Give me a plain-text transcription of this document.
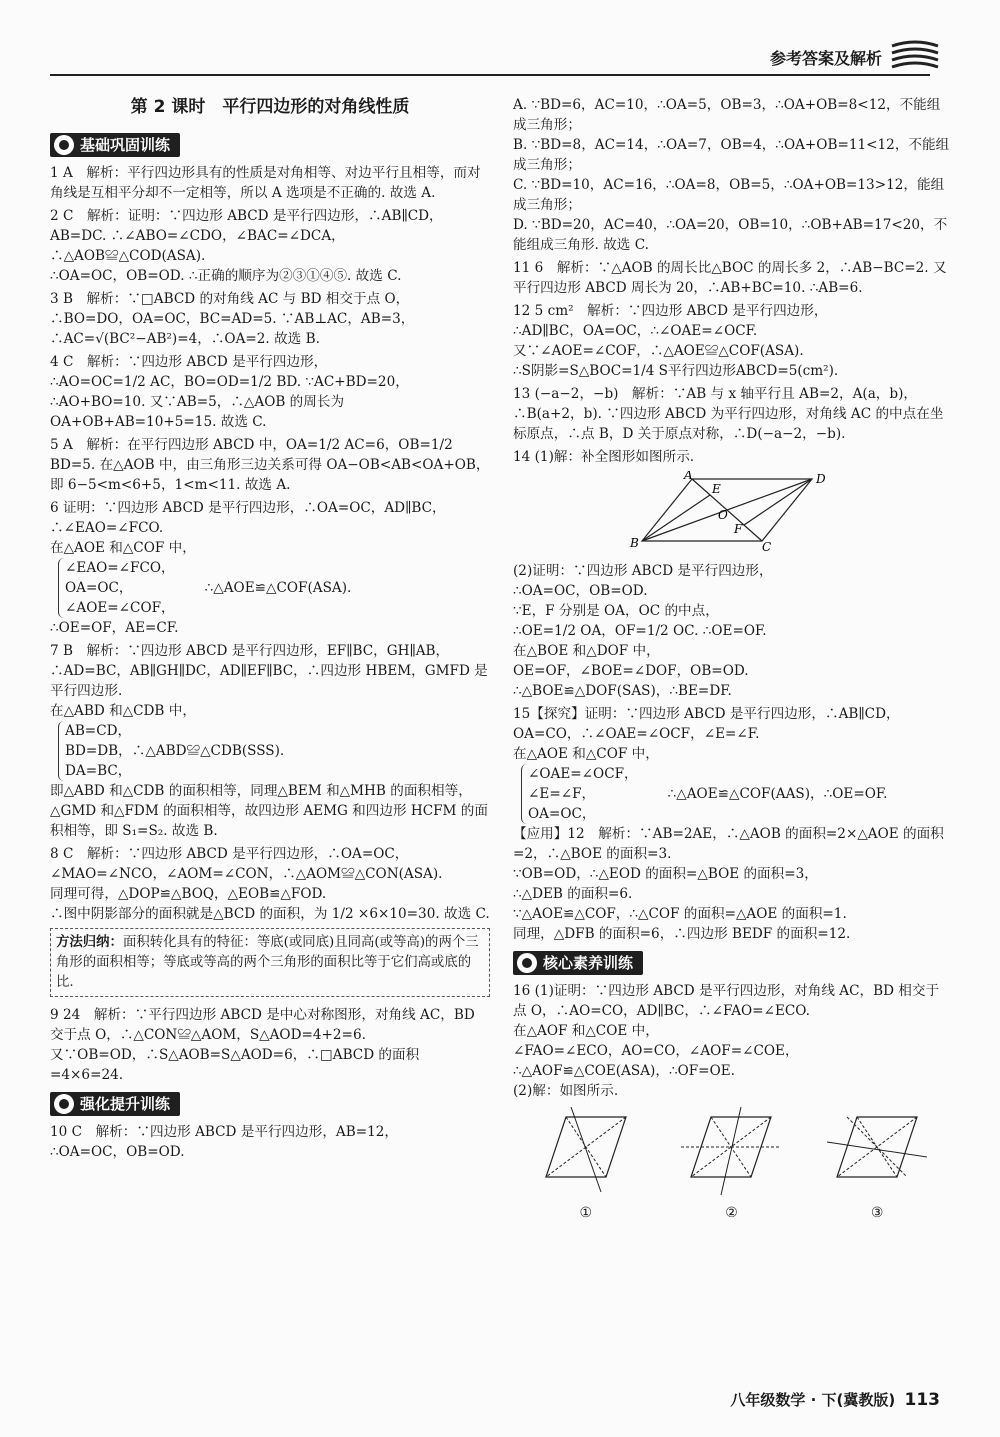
参考答案及解析
第 2 课时　平行四边形的对角线性质
基础巩固训练

1 A　解析：平行四边形具有的性质是对角相等、对边平行且相等，而对角线是互相平分却不一定相等，所以 A 选项是不正确的. 故选 A.

2 C　解析：证明：∵四边形 ABCD 是平行四边形，∴AB∥CD，AB=DC. ∴∠ABO=∠CDO，∠BAC=∠DCA，∴△AOB≌△COD(ASA).

∴OA=OC，OB=OD. ∴正确的顺序为②③①④⑤. 故选 C.

3 B　解析：∵□ABCD 的对角线 AC 与 BD 相交于点 O，∴BO=DO，OA=OC，BC=AD=5. ∵AB⊥AC，AB=3，∴AC=√(BC²−AB²)=4，∴OA=2. 故选 B.

4 C　解析：∵四边形 ABCD 是平行四边形，

∴AO=OC=1/2 AC，BO=OD=1/2 BD. ∵AC+BD=20，∴AO+BO=10. 又∵AB=5，∴△AOB 的周长为 OA+OB+AB=10+5=15. 故选 C.

5 A　解析：在平行四边形 ABCD 中，OA=1/2 AC=6，OB=1/2 BD=5. 在△AOB 中，由三角形三边关系可得 OA−OB<AB<OA+OB，即 6−5<m<6+5，1<m<11. 故选 A.

6 证明：∵四边形 ABCD 是平行四边形，∴OA=OC，AD∥BC，∴∠EAO=∠FCO.

在△AOE 和△COF 中，

∠EAO=∠FCO，

OA=OC，

∠AOE=∠COF，

∴△AOE≌△COF(ASA).

∴OE=OF，AE=CF.

7 B　解析：∵四边形 ABCD 是平行四边形，EF∥BC，GH∥AB，∴AD=BC，AB∥GH∥DC，AD∥EF∥BC，∴四边形 HBEM，GMFD 是平行四边形.

在△ABD 和△CDB 中，

AB=CD，

BD=DB，∴△ABD≌△CDB(SSS).

DA=BC，

即△ABD 和△CDB 的面积相等，同理△BEM 和△MHB 的面积相等，△GMD 和△FDM 的面积相等，故四边形 AEMG 和四边形 HCFM 的面积相等，即 S₁=S₂. 故选 B.

8 C　解析：∵四边形 ABCD 是平行四边形，∴OA=OC，∠MAO=∠NCO，∠AOM=∠CON，∴△AOM≌△CON(ASA).

同理可得，△DOP≌△BOQ，△EOB≌△FOD.

∴图中阴影部分的面积就是△BCD 的面积，为 1/2 ×6×10=30. 故选 C.

方法归纳：面积转化具有的特征：等底(或同底)且同高(或等高)的两个三角形的面积相等；等底或等高的两个三角形的面积比等于它们高或底的比.

9 24　解析：∵平行四边形 ABCD 是中心对称图形，对角线 AC，BD 交于点 O，∴△CON≌△AOM，S△AOD=4+2=6.

又∵OB=OD，∴S△AOB=S△AOD=6，∴□ABCD 的面积=4×6=24.

强化提升训练

10 C　解析：∵四边形 ABCD 是平行四边形，AB=12，

∴OA=OC，OB=OD.

A. ∵BD=6，AC=10，∴OA=5，OB=3，∴OA+OB=8<12，不能组成三角形；

B. ∵BD=8，AC=14，∴OA=7，OB=4，∴OA+OB=11<12，不能组成三角形；

C. ∵BD=10，AC=16，∴OA=8，OB=5，∴OA+OB=13>12，能组成三角形；

D. ∵BD=20，AC=40，∴OA=20，OB=10，∴OB+AB=17<20，不能组成三角形. 故选 C.

11 6　解析：∵△AOB 的周长比△BOC 的周长多 2，∴AB−BC=2. 又平行四边形 ABCD 周长为 20，∴AB+BC=10. ∴AB=6.

12 5 cm²　解析：∵四边形 ABCD 是平行四边形，

∴AD∥BC，OA=OC，∴∠OAE=∠OCF.

又∵∠AOE=∠COF，∴△AOE≌△COF(ASA).

∴S阴影=S△BOC=1/4 S平行四边形ABCD=5(cm²).

13 (−a−2，−b)　解析：∵AB 与 x 轴平行且 AB=2，A(a，b)，∴B(a+2，b). ∵四边形 ABCD 为平行四边形，对角线 AC 的中点在坐标原点，∴点 B，D 关于原点对称，∴D(−a−2，−b).

14 (1)解：补全图形如图所示.

A
E
D
O
B
F
C

(2)证明：∵四边形 ABCD 是平行四边形，

∴OA=OC，OB=OD.

∵E，F 分别是 OA，OC 的中点，

∴OE=1/2 OA，OF=1/2 OC. ∴OE=OF.

在△BOE 和△DOF 中，

OE=OF，∠BOE=∠DOF，OB=OD.

∴△BOE≌△DOF(SAS)，∴BE=DF.

15【探究】证明：∵四边形 ABCD 是平行四边形，∴AB∥CD，OA=CO，∴∠OAE=∠OCF，∠E=∠F.

在△AOE 和△COF 中，

∠OAE=∠OCF，

∠E=∠F，

OA=OC，

∴△AOE≌△COF(AAS)，∴OE=OF.

【应用】12　解析：∵AB=2AE，∴△AOB 的面积=2×△AOE 的面积=2，∴△BOE 的面积=3.

∵OB=OD，∴△EOD 的面积=△BOE 的面积=3，

∴△DEB 的面积=6.

∵△AOE≌△COF，∴△COF 的面积=△AOE 的面积=1.

同理，△DFB 的面积=6，∴四边形 BEDF 的面积=12.

核心素养训练

16 (1)证明：∵四边形 ABCD 是平行四边形，对角线 AC，BD 相交于点 O，∴AO=CO，AD∥BC，∴∠FAO=∠ECO.

在△AOF 和△COE 中，

∠FAO=∠ECO，AO=CO，∠AOF=∠COE，

∴△AOF≌△COE(ASA)，∴OF=OE.

(2)解：如图所示.

①	②	③
八年级数学 · 下(冀教版) 113
